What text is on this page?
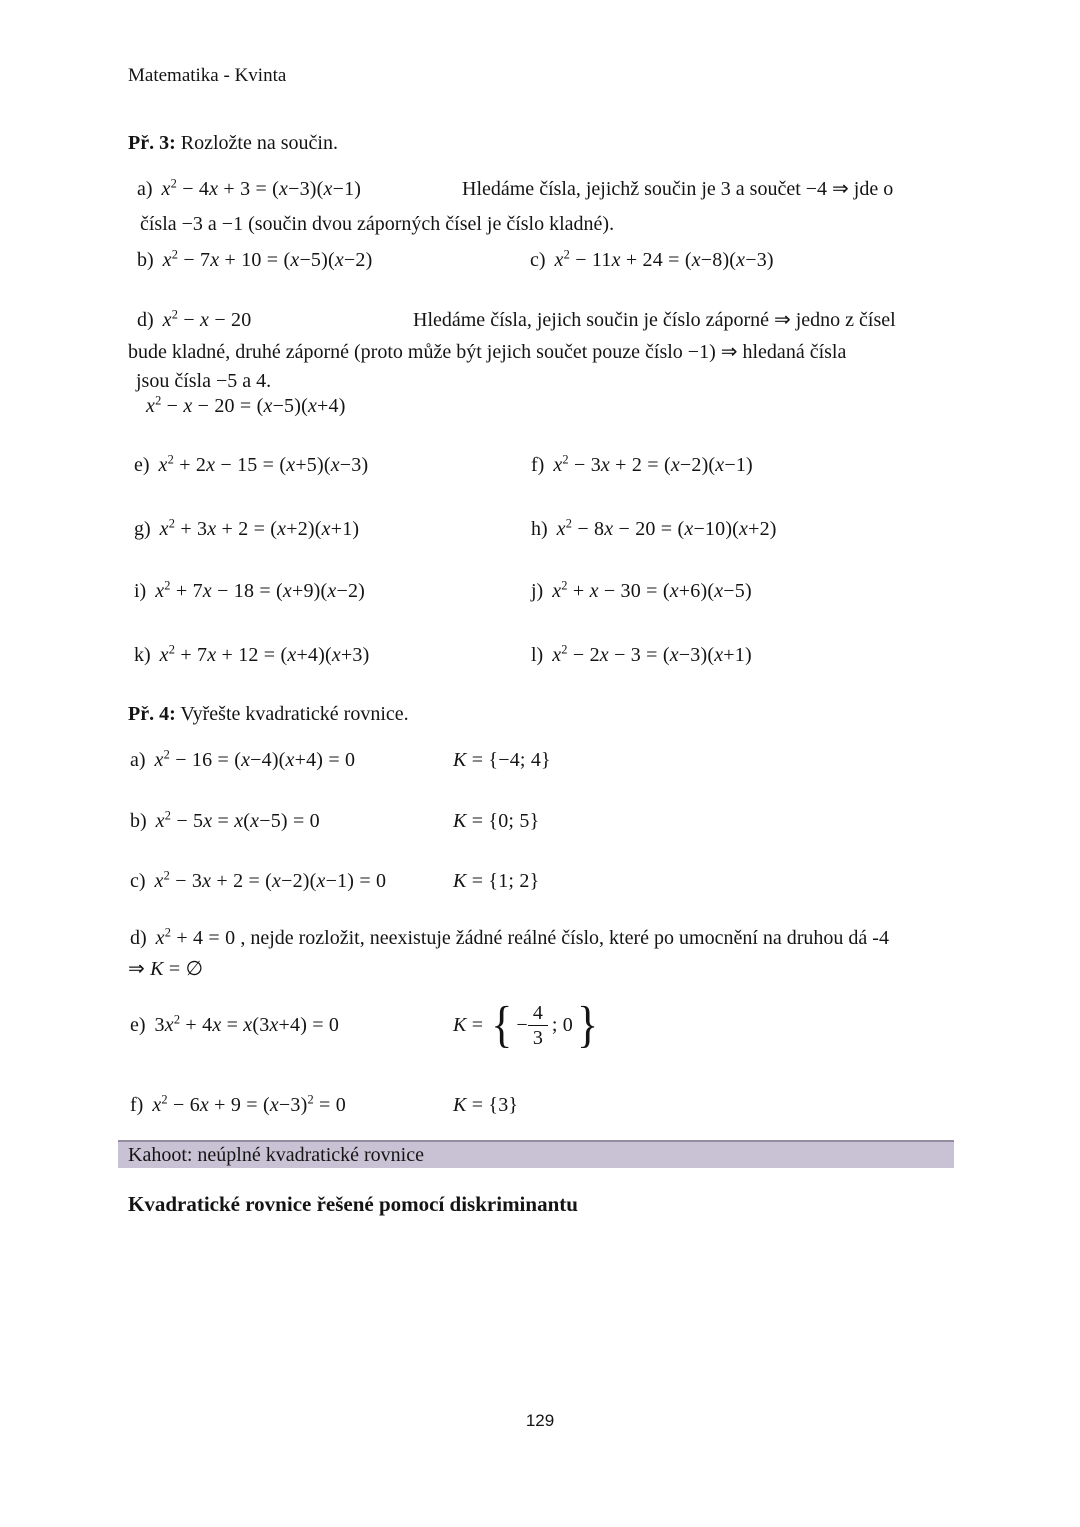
Matematika - Kvinta
Př. 3: Rozložte na součin.
a) $x^2 - 4x + 3 = (x-3)(x-1)$	Hledáme čísla, jejichž součin je 3 a součet −4 ⇒ jde o
čísla −3 a −1 (součin dvou záporných čísel je číslo kladné).
b) $x^2 - 7x + 10 = (x-5)(x-2)$	c) $x^2 - 11x + 24 = (x-8)(x-3)$
d) $x^2 - x - 20$	Hledáme čísla, jejich součin je číslo záporné ⇒ jedno z čísel
bude kladné, druhé záporné (proto může být jejich součet pouze číslo −1) ⇒ hledaná čísla
jsou čísla −5 a 4.
$x^2 - x - 20 = (x-5)(x+4)$
e) $x^2 + 2x - 15 = (x+5)(x-3)$	f) $x^2 - 3x + 2 = (x-2)(x-1)$
g) $x^2 + 3x + 2 = (x+2)(x+1)$	h) $x^2 - 8x - 20 = (x-10)(x+2)$
i) $x^2 + 7x - 18 = (x+9)(x-2)$	j) $x^2 + x - 30 = (x+6)(x-5)$
k) $x^2 + 7x + 12 = (x+4)(x+3)$	l) $x^2 - 2x - 3 = (x-3)(x+1)$
Př. 4: Vyřešte kvadratické rovnice.
a) $x^2 - 16 = (x-4)(x+4) = 0$	K = {−4; 4}
b) $x^2 - 5x = x(x-5) = 0$	K = {0; 5}
c) $x^2 - 3x + 2 = (x-2)(x-1) = 0$	K = {1; 2}
d) $x^2 + 4 = 0$ , nejde rozložit, neexistuje žádné reálné číslo, které po umocnění na druhou dá -4
⇒ K = ∅
e) $3x^2 + 4x = x(3x+4) = 0$	K = { − $\frac{4}{3}$ ; 0 }
f) $x^2 - 6x + 9 = (x-3)^2 = 0$	K = {3}
Kahoot: neúplné kvadratické rovnice
Kvadratické rovnice řešené pomocí diskriminantu
129
